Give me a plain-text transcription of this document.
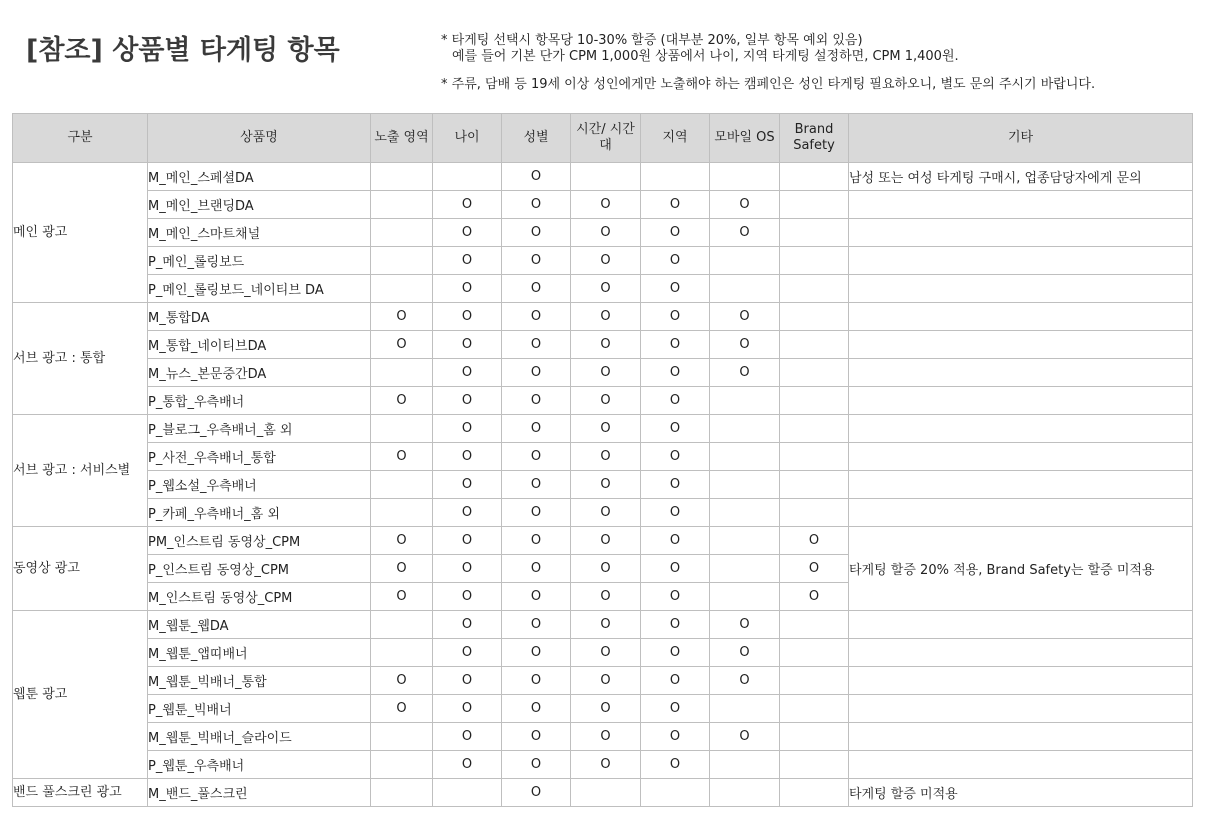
[참조] 상품별 타게팅 항목	* 타게팅 선택시 항목당 10-30% 할증 (대부분 20%, 일부 항목 예외 있음)
예를 들어 기본 단가 CPM 1,000원 상품에서 나이, 지역 타게팅 설정하면, CPM 1,400원.
* 주류, 담배 등 19세 이상 성인에게만 노출해야 하는 캠페인은 성인 타게팅 필요하오니, 별도 문의 주시기 바랍니다.
구분	상품명	노출 영역	나이	성별	시간/ 시간대	지역	모바일 OS	Brand Safety	기타
메인 광고	M_메인_스페셜DA			O					남성 또는 여성 타게팅 구매시, 업종담당자에게 문의
	M_메인_브랜딩DA		O	O	O	O	O		
	M_메인_스마트채널		O	O	O	O	O		
	P_메인_롤링보드		O	O	O	O			
	P_메인_롤링보드_네이티브 DA		O	O	O	O			
서브 광고 : 통합	M_통합DA	O	O	O	O	O	O		
	M_통합_네이티브DA	O	O	O	O	O	O		
	M_뉴스_본문중간DA		O	O	O	O	O		
	P_통합_우측배너	O	O	O	O	O			
서브 광고 : 서비스별	P_블로그_우측배너_홈 외		O	O	O	O			
	P_사전_우측배너_통합	O	O	O	O	O			
	P_웹소설_우측배너		O	O	O	O			
	P_카페_우측배너_홈 외		O	O	O	O			
동영상 광고	PM_인스트림 동영상_CPM	O	O	O	O	O		O	타게팅 할증 20% 적용, Brand Safety는 할증 미적용
	P_인스트림 동영상_CPM	O	O	O	O	O		O	
	M_인스트림 동영상_CPM	O	O	O	O	O		O	
웹툰 광고	M_웹툰_웹DA		O	O	O	O	O		
	M_웹툰_앱띠배너		O	O	O	O	O		
	M_웹툰_빅배너_통합	O	O	O	O	O	O		
	P_웹툰_빅배너	O	O	O	O	O			
	M_웹툰_빅배너_슬라이드		O	O	O	O	O		
	P_웹툰_우측배너		O	O	O	O			
밴드 풀스크린 광고	M_밴드_풀스크린			O					타게팅 할증 미적용
